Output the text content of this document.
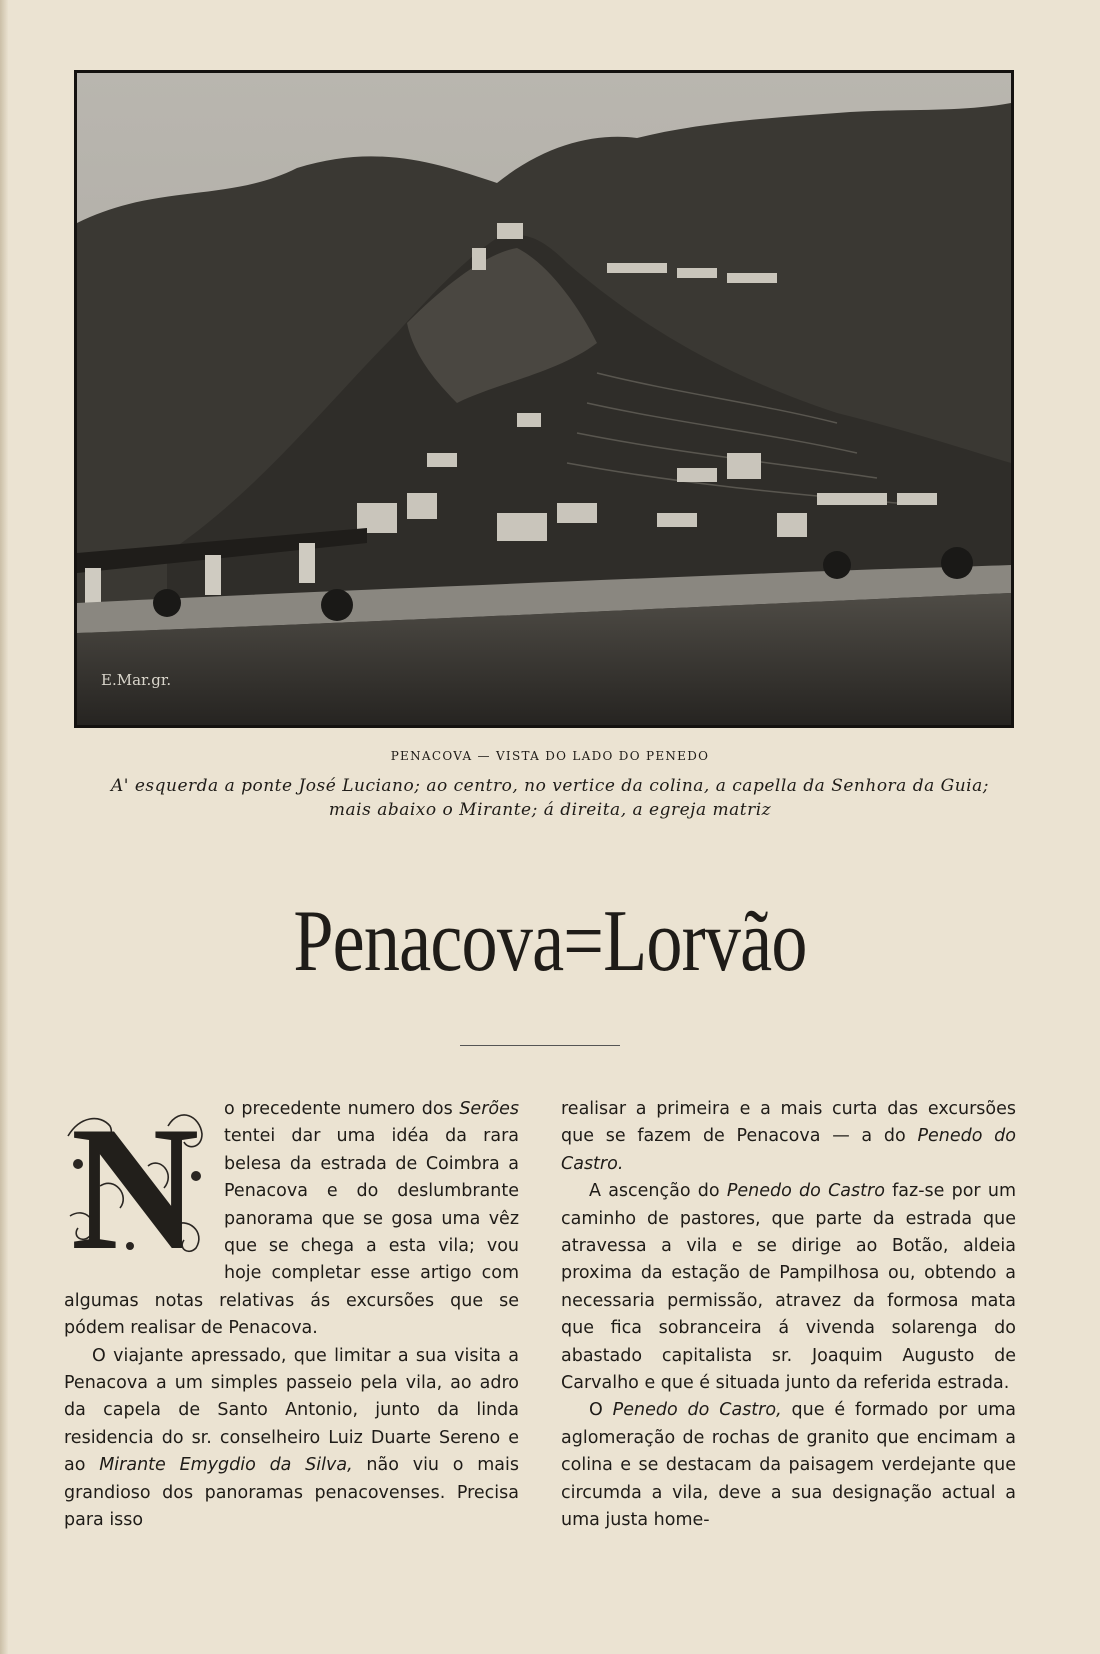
E.Mar.gr.
PENACOVA — VISTA DO LADO DO PENEDO
A' esquerda a ponte José Luciano; ao centro, no vertice da colina, a capella da Senhora da Guia;
mais abaixo o Mirante; á direita, a egreja matriz
Penacova=Lorvão
N	o precedente numero dos Serões tentei dar uma idéa da rara belesa da estrada de Coimbra a Penacova e do deslumbrante panorama que se gosa uma vêz que se chega a esta vila; vou hoje completar esse artigo com algumas notas relativas ás excursões que se pódem realisar de Penacova.

O viajante apressado, que limitar a sua visita a Penacova a um simples passeio pela vila, ao adro da capela de Santo Antonio, junto da linda residencia do sr. conselheiro Luiz Duarte Sereno e ao Mirante Emygdio da Silva, não viu o mais grandioso dos panoramas penacovenses. Precisa para isso

realisar a primeira e a mais curta das excursões que se fazem de Penacova — a do Penedo do Castro.

A ascenção do Penedo do Castro faz-se por um caminho de pastores, que parte da estrada que atravessa a vila e se dirige ao Botão, aldeia proxima da estação de Pampilhosa ou, obtendo a necessaria permissão, atravez da formosa mata que fica sobranceira á vivenda solarenga do abastado capitalista sr. Joaquim Augusto de Carvalho e que é situada junto da referida estrada.

O Penedo do Castro, que é formado por uma aglomeração de rochas de granito que encimam a colina e se destacam da paisagem verdejante que circumda a vila, deve a sua designação actual a uma justa home-
